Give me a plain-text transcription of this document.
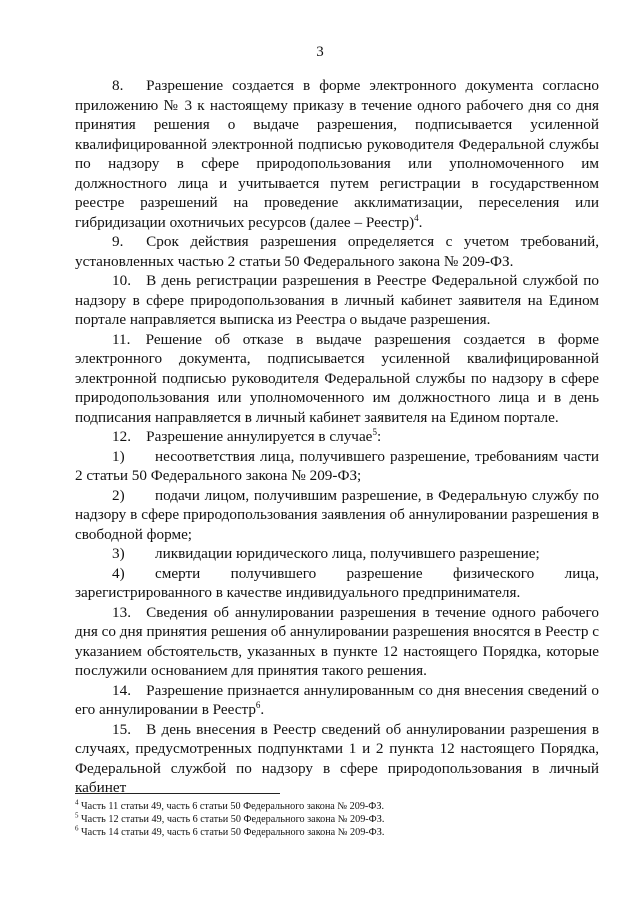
3

8.  Разрешение создается в форме электронного документа согласно приложению № 3 к настоящему приказу в течение одного рабочего дня со дня принятия решения о выдаче разрешения, подписывается усиленной квалифицированной электронной подписью руководителя Федеральной службы по надзору в сфере природопользования или уполномоченного им должностного лица и учитывается путем регистрации в государственном реестре разрешений на проведение акклиматизации, переселения или гибридизации охотничьих ресурсов (далее – Реестр)$^4$.

9.  Срок действия разрешения определяется с учетом требований, установленных частью 2 статьи 50 Федерального закона № 209-ФЗ.

10. В день регистрации разрешения в Реестре Федеральной службой по надзору в сфере природопользования в личный кабинет заявителя на Едином портале направляется выписка из Реестра о выдаче разрешения.

11. Решение об отказе в выдаче разрешения создается в форме электронного документа, подписывается усиленной квалифицированной электронной подписью руководителя Федеральной службы по надзору в сфере природопользования или уполномоченного им должностного лица и в день подписания направляется в личный кабинет заявителя на Едином портале.

12. Разрешение аннулируется в случае$^5$:

1)  несоответствия лица, получившего разрешение, требованиям части 2 статьи 50 Федерального закона № 209-ФЗ;

2)  подачи лицом, получившим разрешение, в Федеральную службу по надзору в сфере природопользования заявления об аннулировании разрешения в свободной форме;

3)  ликвидации юридического лица, получившего разрешение;

4)  смерти получившего разрешение физического лица, зарегистрированного в качестве индивидуального предпринимателя.

13. Сведения об аннулировании разрешения в течение одного рабочего дня со дня принятия решения об аннулировании разрешения вносятся в Реестр с указанием обстоятельств, указанных в пункте 12 настоящего Порядка, которые послужили основанием для принятия такого решения.

14. Разрешение признается аннулированным со дня внесения сведений о его аннулировании в Реестр$^6$.

15. В день внесения в Реестр сведений об аннулировании разрешения в случаях, предусмотренных подпунктами 1 и 2 пункта 12 настоящего Порядка, Федеральной службой по надзору в сфере природопользования в личный кабинет

$^4$ Часть 11 статьи 49, часть 6 статьи 50 Федерального закона № 209-ФЗ.
$^5$ Часть 12 статьи 49, часть 6 статьи 50 Федерального закона № 209-ФЗ.
$^6$ Часть 14 статьи 49, часть 6 статьи 50 Федерального закона № 209-ФЗ.
